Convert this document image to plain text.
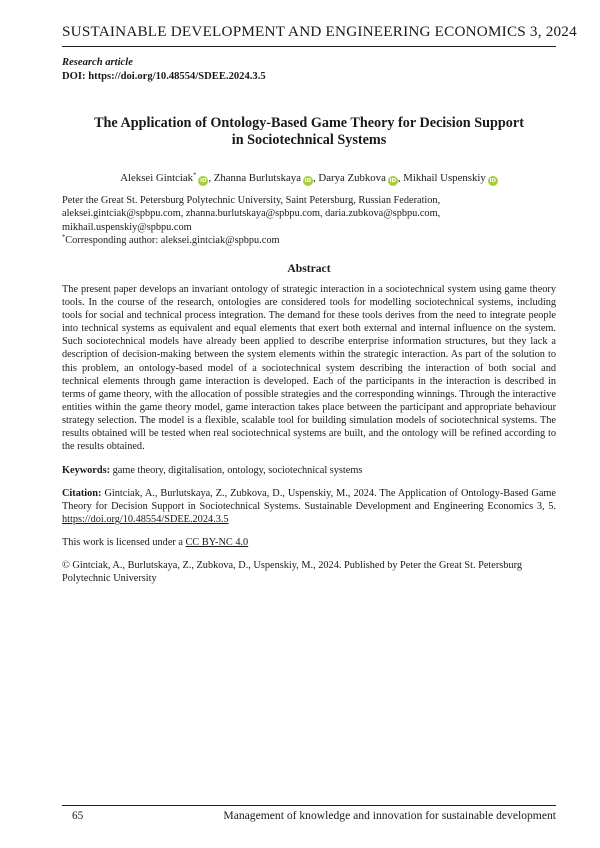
SUSTAINABLE DEVELOPMENT AND ENGINEERING ECONOMICS 3, 2024
Research article
DOI: https://doi.org/10.48554/SDEE.2024.3.5
The Application of Ontology-Based Game Theory for Decision Support
in Sociotechnical Systems
Aleksei Gintciak*iD , Zhanna Burlutskaya iD , Darya Zubkova iD , Mikhail Uspenskiy iD
Peter the Great St. Petersburg Polytechnic University, Saint Petersburg, Russian Federation,
aleksei.gintciak@spbpu.com, zhanna.burlutskaya@spbpu.com, daria.zubkova@spbpu.com,
mikhail.uspenskiy@spbpu.com
*Corresponding author: aleksei.gintciak@spbpu.com
Abstract
The present paper develops an invariant ontology of strategic interaction in a sociotechnical system using game theory tools. In the course of the research, ontologies are considered tools for modelling sociotechnical systems, including tools for social and technical process integration. The demand for these tools derives from the need to integrate people into technical systems as equivalent and equal elements that exert both external and internal influence on the system. Such sociotechnical models have already been applied to describe enterprise information structures, but they lack a description of decision-making between the system elements within the strategic interaction. As part of the solution to this problem, an ontology-based model of a sociotechnical system describing the interaction of both social and technical elements through game interaction is developed. Each of the participants in the interaction is described in terms of game theory, with the allocation of possible strategies and the corresponding winnings. Through the interactive entities within the game theory model, game interaction takes place between the participant and appropriate behaviour strategy selection. The model is a flexible, scalable tool for building simulation models of sociotechnical systems. The results obtained will be tested when real sociotechnical systems are built, and the ontology will be refined according to the results obtained.
Keywords: game theory, digitalisation, ontology, sociotechnical systems
Citation: Gintciak, A., Burlutskaya, Z., Zubkova, D., Uspenskiy, M., 2024. The Application of Ontology-Based Game Theory for Decision Support in Sociotechnical Systems. Sustainable Development and Engineering Economics 3, 5. https://doi.org/10.48554/SDEE.2024.3.5
This work is licensed under a CC BY-NC 4.0
© Gintciak, A., Burlutskaya, Z., Zubkova, D., Uspenskiy, M., 2024. Published by Peter the Great St. Petersburg Polytechnic University
65	Management of knowledge and innovation for sustainable development
